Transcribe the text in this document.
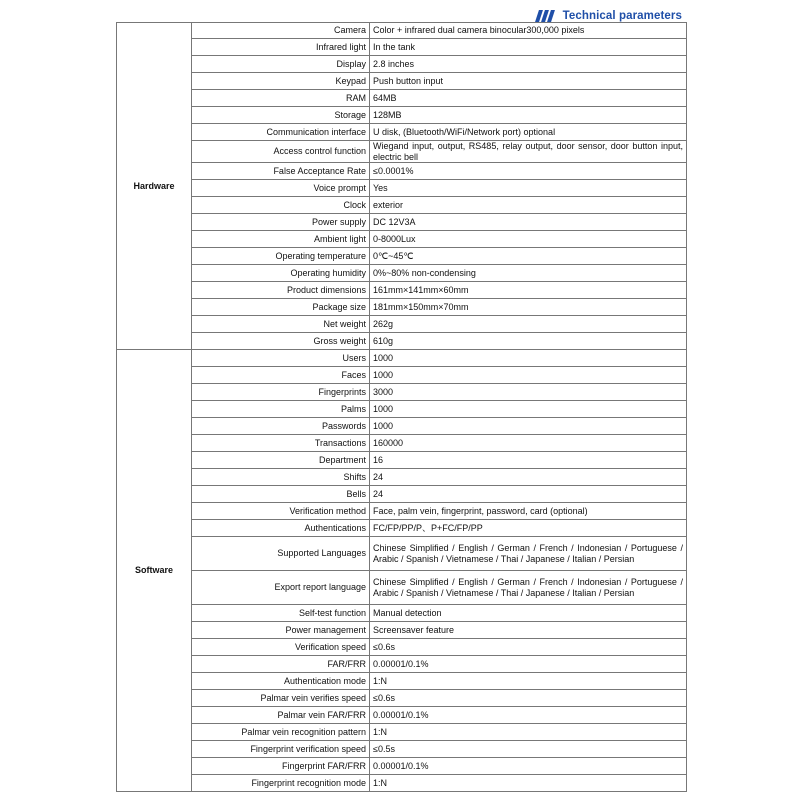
Technical parameters
Hardware	Camera	Color + infrared dual camera binocular300,000 pixels
	Infrared light	In the tank
	Display	2.8 inches
	Keypad	Push button input
	RAM	64MB
	Storage	128MB
	Communication interface	U disk, (Bluetooth/WiFi/Network port) optional
	Access control function	Wiegand input, output, RS485, relay output, door sensor, door button input, electric bell
	False Acceptance Rate	≤0.0001%
	Voice prompt	Yes
	Clock	exterior
	Power supply	DC 12V3A
	Ambient light	0-8000Lux
	Operating temperature	0℃~45℃
	Operating humidity	0%~80% non-condensing
	Product dimensions	161mm×141mm×60mm
	Package size	181mm×150mm×70mm
	Net weight	262g
	Gross weight	610g
Software	Users	1000
	Faces	1000
	Fingerprints	3000
	Palms	1000
	Passwords	1000
	Transactions	160000
	Department	16
	Shifts	24
	Bells	24
	Verification method	Face, palm vein, fingerprint, password, card (optional)
	Authentications	FC/FP/PP/P、P+FC/FP/PP
	Supported Languages	Chinese Simplified / English / German / French / Indonesian / Portuguese / Arabic / Spanish / Vietnamese / Thai / Japanese / Italian / Persian
	Export report language	Chinese Simplified / English / German / French / Indonesian / Portuguese / Arabic / Spanish / Vietnamese / Thai / Japanese / Italian / Persian
	Self-test function	Manual detection
	Power management	Screensaver feature
	Verification speed	≤0.6s
	FAR/FRR	0.00001/0.1%
	Authentication mode	1:N
	Palmar vein verifies speed	≤0.6s
	Palmar vein FAR/FRR	0.00001/0.1%
	Palmar vein recognition pattern	1:N
	Fingerprint verification speed	≤0.5s
	Fingerprint FAR/FRR	0.00001/0.1%
	Fingerprint recognition mode	1:N
